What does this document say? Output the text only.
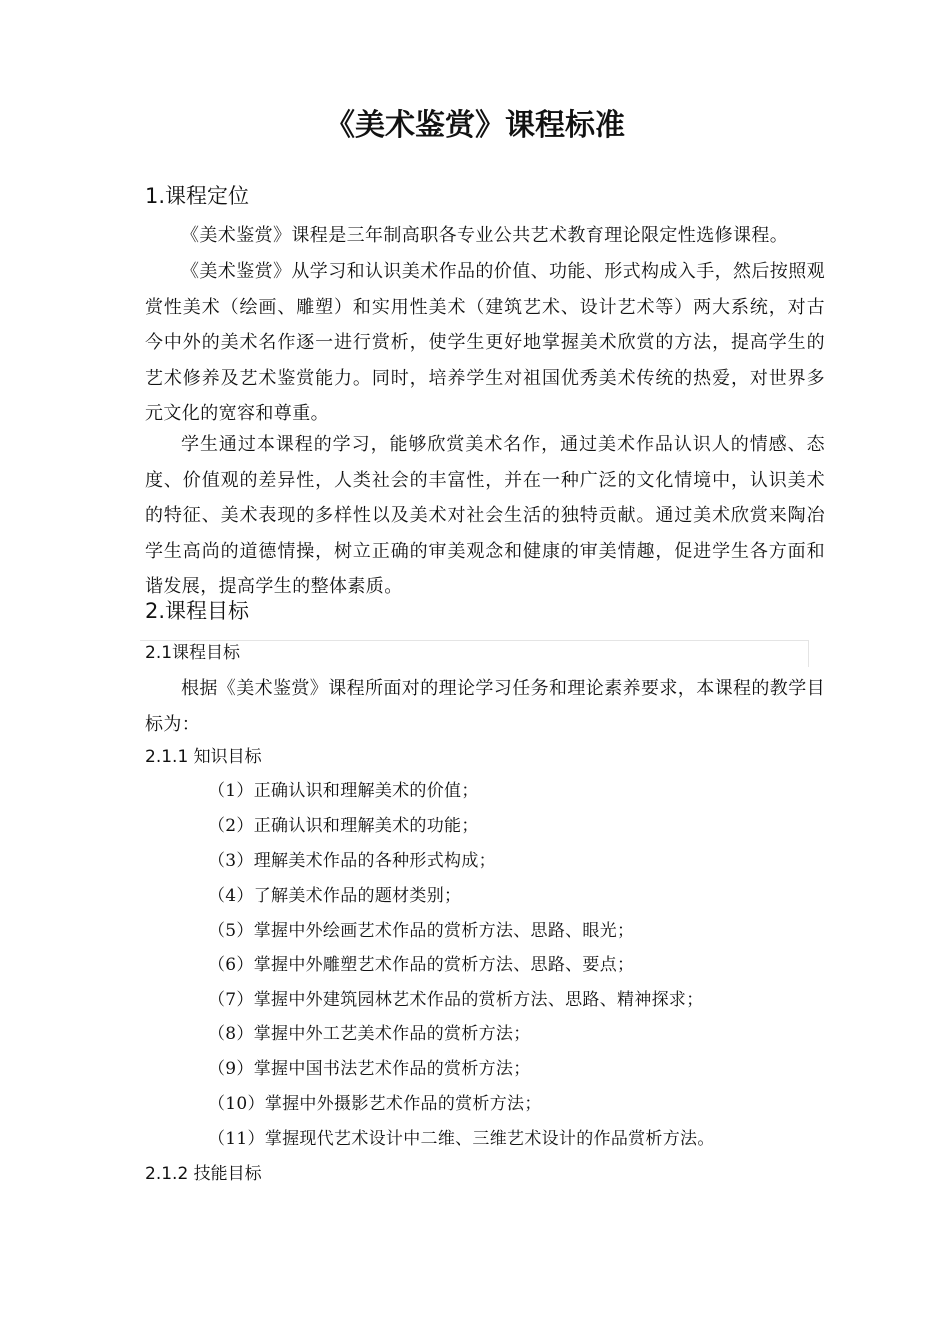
《美术鉴赏》课程标准
1.课程定位
《美术鉴赏》课程是三年制高职各专业公共艺术教育理论限定性选修课程。
《美术鉴赏》从学习和认识美术作品的价值、功能、形式构成入手，然后按照观赏性美术（绘画、雕塑）和实用性美术（建筑艺术、设计艺术等）两大系统，对古今中外的美术名作逐一进行赏析，使学生更好地掌握美术欣赏的方法，提高学生的艺术修养及艺术鉴赏能力。同时，培养学生对祖国优秀美术传统的热爱，对世界多元文化的宽容和尊重。
学生通过本课程的学习，能够欣赏美术名作，通过美术作品认识人的情感、态度、价值观的差异性，人类社会的丰富性，并在一种广泛的文化情境中，认识美术的特征、美术表现的多样性以及美术对社会生活的独特贡献。通过美术欣赏来陶冶学生高尚的道德情操，树立正确的审美观念和健康的审美情趣，促进学生各方面和谐发展，提高学生的整体素质。
2.课程目标
2.1课程目标
根据《美术鉴赏》课程所面对的理论学习任务和理论素养要求，本课程的教学目标为：
2.1.1 知识目标
（1）正确认识和理解美术的价值；
（2）正确认识和理解美术的功能；
（3）理解美术作品的各种形式构成；
（4）了解美术作品的题材类别；
（5）掌握中外绘画艺术作品的赏析方法、思路、眼光；
（6）掌握中外雕塑艺术作品的赏析方法、思路、要点；
（7）掌握中外建筑园林艺术作品的赏析方法、思路、精神探求；
（8）掌握中外工艺美术作品的赏析方法；
（9）掌握中国书法艺术作品的赏析方法；
（10）掌握中外摄影艺术作品的赏析方法；
（11）掌握现代艺术设计中二维、三维艺术设计的作品赏析方法。
2.1.2 技能目标
